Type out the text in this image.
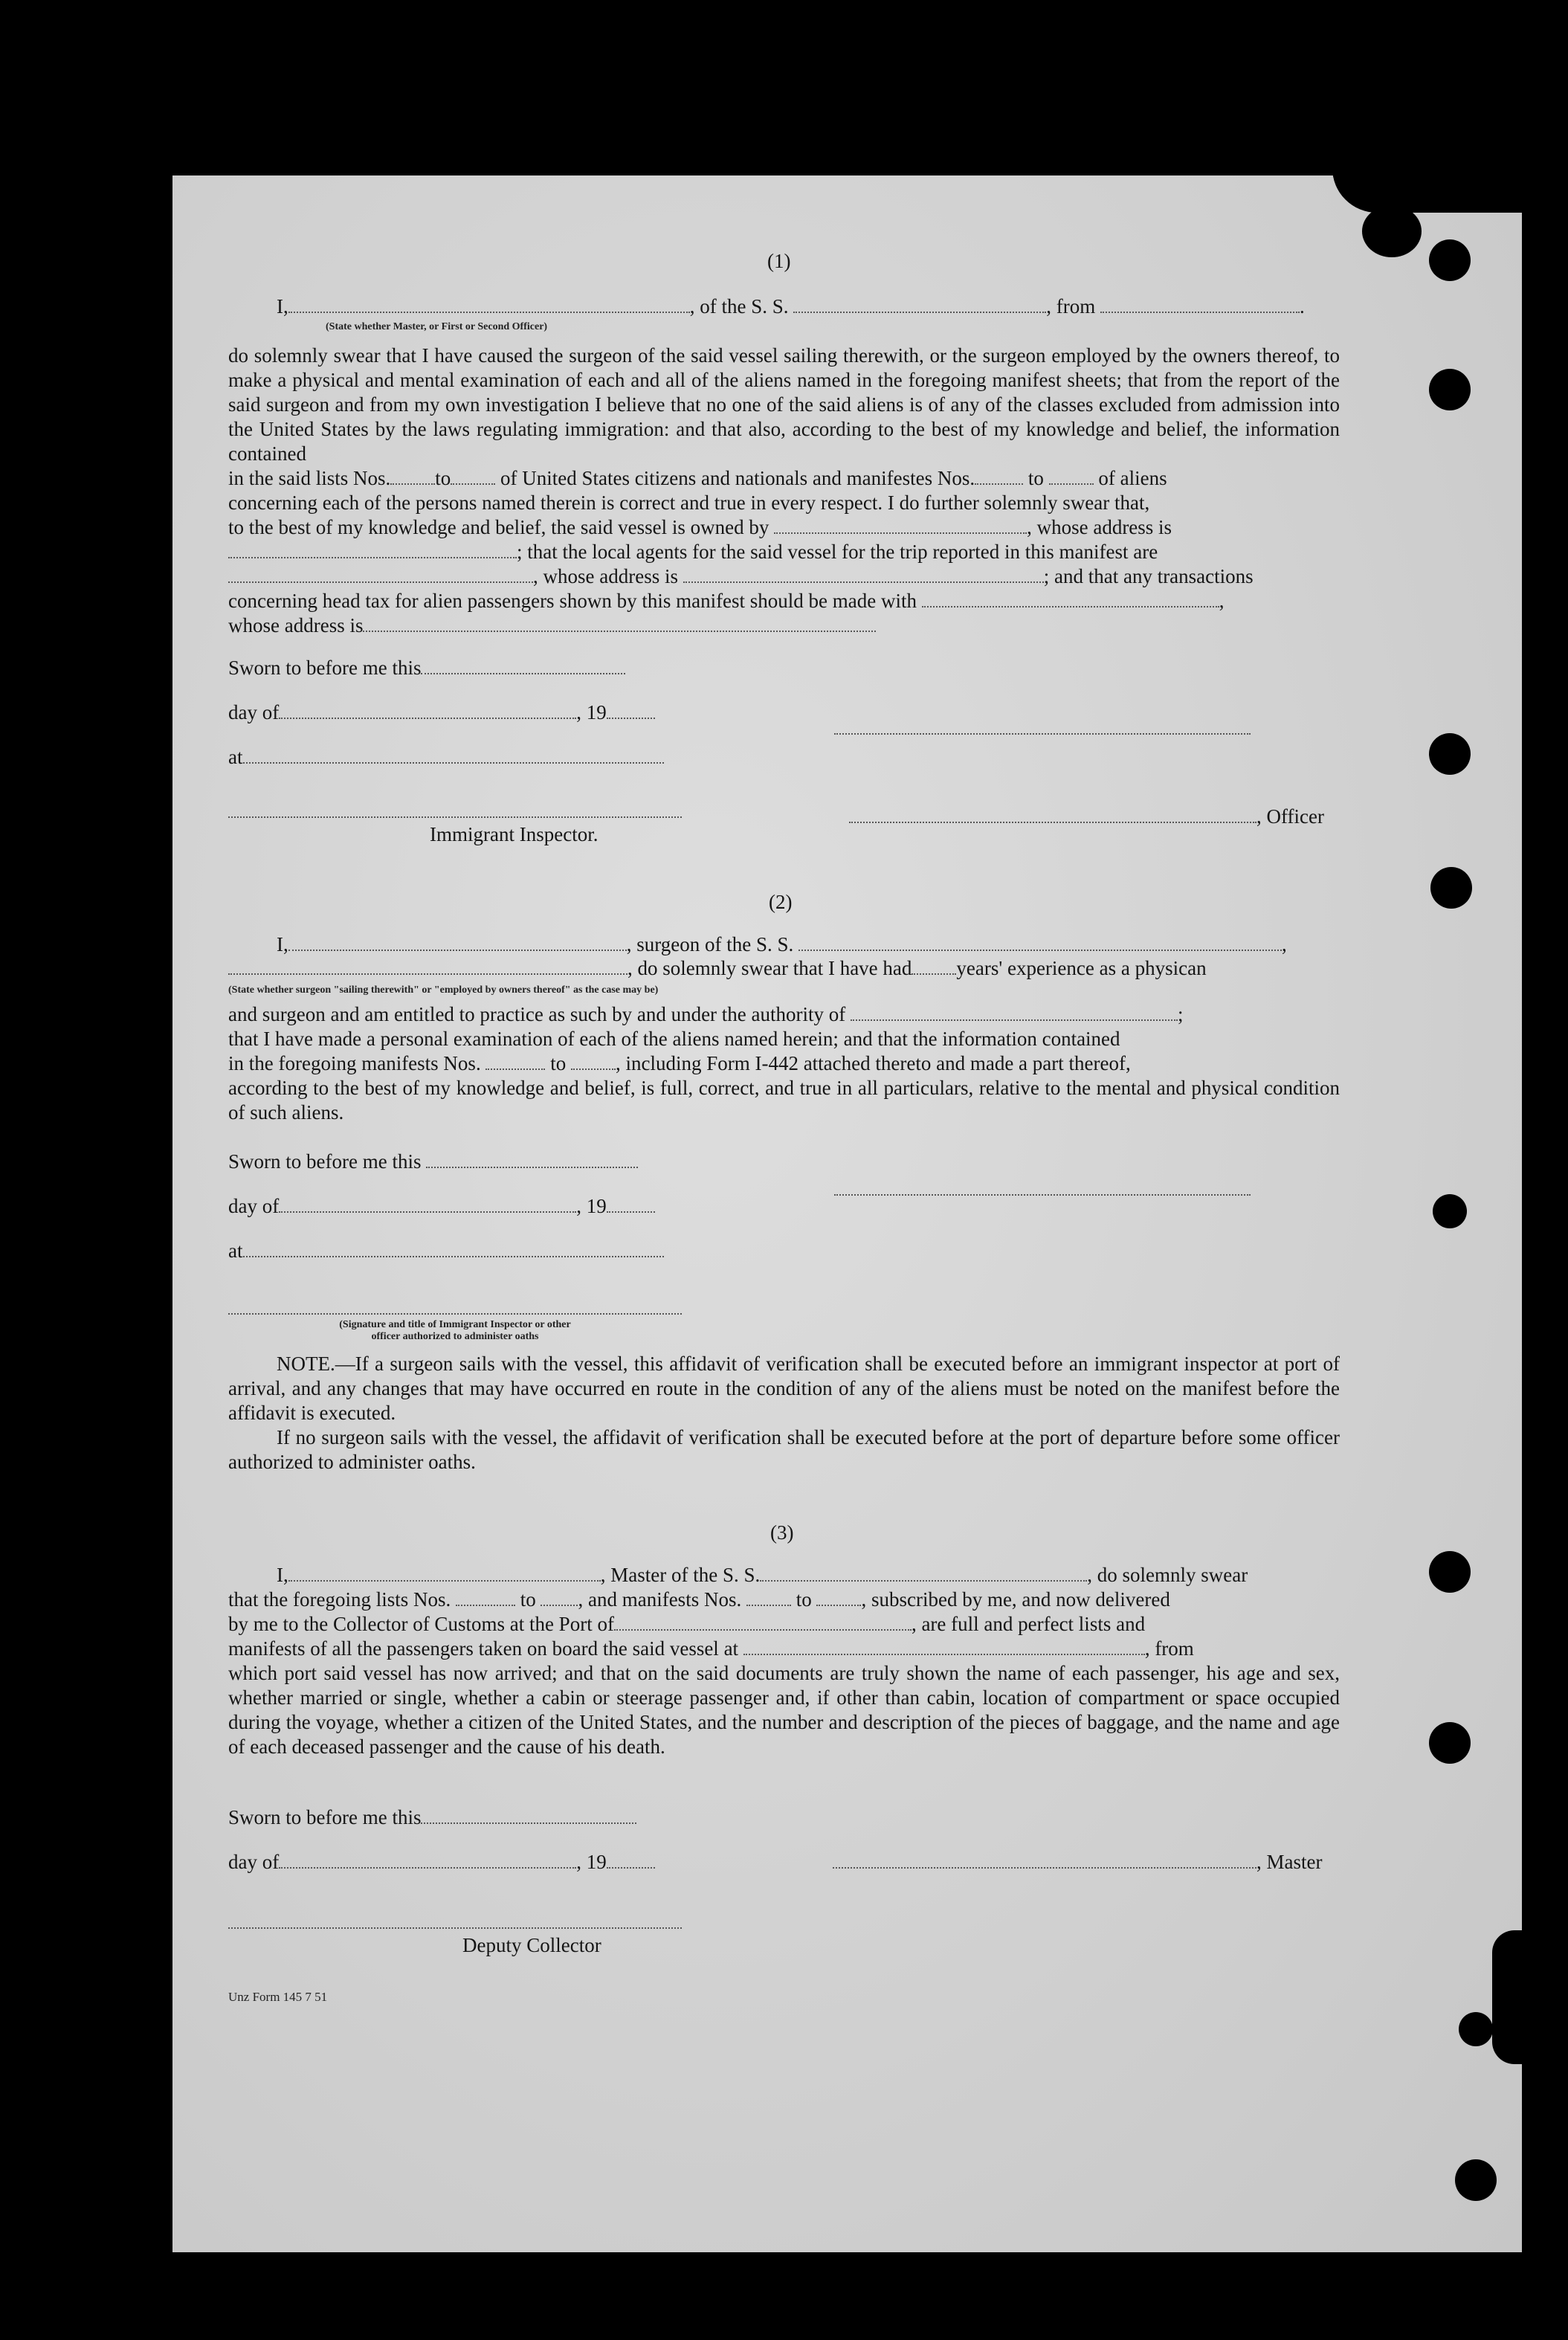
(1)
I,	, of the S. S.	, from	.
(State whether Master, or First or Second Officer)

do solemnly swear that I have caused the surgeon of the said vessel sailing therewith, or the surgeon employed by the owners thereof, to make a physical and mental examination of each and all of the aliens named in the foregoing manifest sheets; that from the report of the said surgeon and from my own investigation I believe that no one of the said aliens is of any of the classes excluded from admission into the United States by the laws regulating immigration: and that also, according to the best of my knowledge and belief, the information contained

in the said lists Nos. to of United States citizens and nationals and manifestes Nos.	to	of aliens

concerning each of the persons named therein is correct and true in every respect. I do further solemnly swear that,

to the best of my knowledge and belief, the said vessel is owned by	, whose address is

; that the local agents for the said vessel for the trip reported in this manifest are

, whose address is	; and that any transactions

concerning head tax for alien passengers shown by this manifest should be made with	,

whose address is

Sworn to before me this
day of	, 19
at
Immigrant Inspector.
, Officer
(2)
I,	, surgeon of the S. S.	,
, do solemnly swear that I have had years' experience as a physican
(State whether surgeon "sailing therewith" or "employed by owners thereof" as the case may be)

and surgeon and am entitled to practice as such by and under the authority of	;

that I have made a personal examination of each of the aliens named herein; and that the information contained

in the foregoing manifests Nos.	to , including Form I-442 attached thereto and made a part thereof,

according to the best of my knowledge and belief, is full, correct, and true in all particulars, relative to the mental and physical condition of such aliens.

Sworn to before me this
day of	, 19
at
(Signature and title of Immigrant Inspector or other
officer authorized to administer oaths

NOTE.—If a surgeon sails with the vessel, this affidavit of verification shall be executed before an immigrant inspector at port of arrival, and any changes that may have occurred en route in the condition of any of the aliens must be noted on the manifest before the affidavit is executed.

If no surgeon sails with the vessel, the affidavit of verification shall be executed before at the port of departure before some officer authorized to administer oaths.

(3)

I,	, Master of the S. S.	, do solemnly swear

that the foregoing lists Nos.	to , and manifests Nos.	to , subscribed by me, and now delivered

by me to the Collector of Customs at the Port of	, are full and perfect lists and

manifests of all the passengers taken on board the said vessel at	, from

which port said vessel has now arrived; and that on the said documents are truly shown the name of each passenger, his age and sex, whether married or single, whether a cabin or steerage passenger and, if other than cabin, location of compartment or space occupied during the voyage, whether a citizen of the United States, and the number and description of the pieces of baggage, and the name and age of each deceased passenger and the cause of his death.

Sworn to before me this
day of	, 19	, Master
Deputy Collector
Unz Form 145 7 51
